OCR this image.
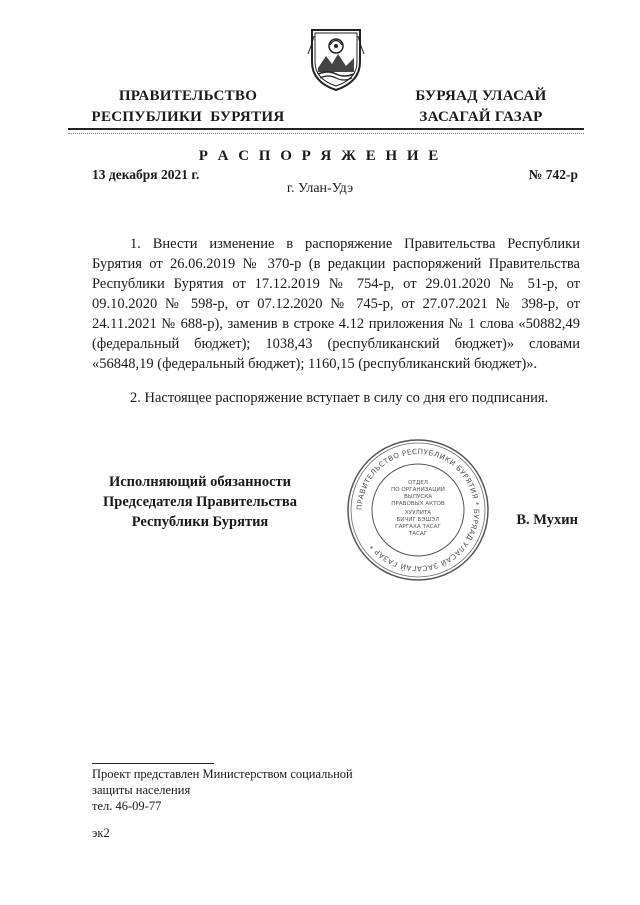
ПРАВИТЕЛЬСТВО
РЕСПУБЛИКИ  БУРЯТИЯ
БУРЯАД УЛАСАЙ
ЗАСАГАЙ ГАЗАР
Р А С П О Р Я Ж Е Н И Е
13 декабря 2021 г.	№ 742-р
г. Улан-Удэ
1. Внести изменение в распоряжение Правительства Республики Бурятия от 26.06.2019 № 370-р (в редакции распоряжений Правительства Республики Бурятия от 17.12.2019 № 754-р, от 29.01.2020 № 51-р, от 09.10.2020 № 598-р, от 07.12.2020 № 745-р, от 27.07.2021 № 398-р, от 24.11.2021 № 688-р), заменив в строке 4.12 приложения № 1 слова «50882,49 (федеральный бюджет); 1038,43 (республиканский бюджет)» словами «56848,19 (федеральный бюджет); 1160,15 (республиканский бюджет)».
2. Настоящее распоряжение вступает в силу со дня его подписания.
Исполняющий обязанности
Председателя Правительства
Республики Бурятия
ПРАВИТЕЛЬСТВО РЕСПУБЛИКИ БУРЯТИЯ * БУРЯАД УЛАСАЙ ЗАСАГАЙ ГАЗАР *
ОТДЕЛ
ПО ОРГАНИЗАЦИИ
ВЫПУСКА
ПРАВОВЫХ АКТОВ
ХУУЛИТА
БИЧИГ БЭШЭЛ
ГАРГАХА ТАСАГ
ТАСАГ
В. Мухин
Проект представлен Министерством социальной
защиты населения
тел. 46-09-77
эк2
